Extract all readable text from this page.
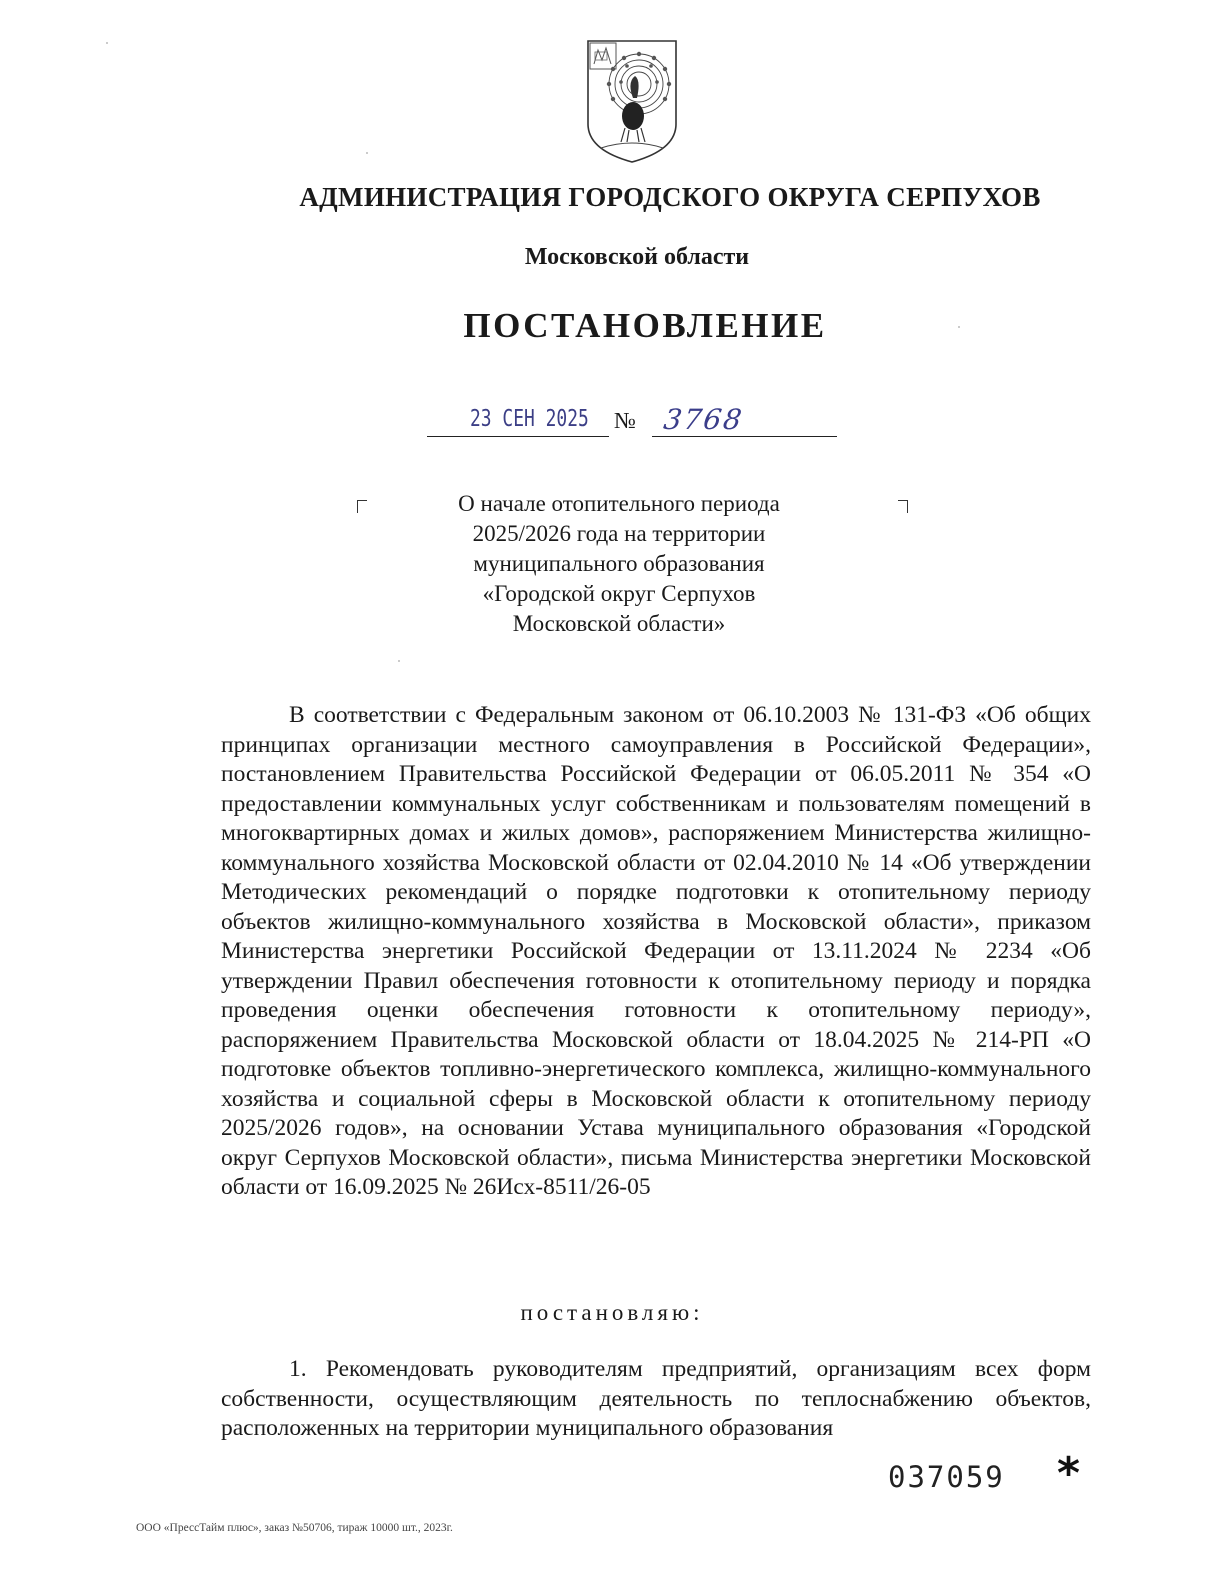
АДМИНИСТРАЦИЯ ГОРОДСКОГО ОКРУГА СЕРПУХОВ
Московской области
ПОСТАНОВЛЕНИЕ
23 СЕН 2025 № 3768
О начале отопительного периода
2025/2026 года на территории
муниципального образования
«Городской округ Серпухов
Московской области»

В соответствии с Федеральным законом от 06.10.2003 № 131-ФЗ «Об общих принципах организации местного самоуправления в Российской Федерации», постановлением Правительства Российской Федерации от 06.05.2011 № 354 «О предоставлении коммунальных услуг собственникам и пользователям помещений в многоквартирных домах и жилых домов», распоряжением Министерства жилищно-коммунального хозяйства Московской области от 02.04.2010 № 14 «Об утверждении Методических рекомендаций о порядке подготовки к отопительному периоду объектов жилищно-коммунального хозяйства в Московской области», приказом Министерства энергетики Российской Федерации от 13.11.2024 № 2234 «Об утверждении Правил обеспечения готовности к отопительному периоду и порядка проведения оценки обеспечения готовности к отопительному периоду», распоряжением Правительства Московской области от 18.04.2025 № 214-РП «О подготовке объектов топливно-энергетического комплекса, жилищно-коммунального хозяйства и социальной сферы в Московской области к отопительному периоду 2025/2026 годов», на основании Устава муниципального образования «Городской округ Серпухов Московской области», письма Министерства энергетики Московской области от 16.09.2025 № 26Исх-8511/26-05

постановляю:

1. Рекомендовать руководителям предприятий, организациям всех форм собственности, осуществляющим деятельность по теплоснабжению объектов, расположенных на территории муниципального образования

037059 *
ООО «ПрессТайм плюс», заказ №50706, тираж 10000 шт., 2023г.
